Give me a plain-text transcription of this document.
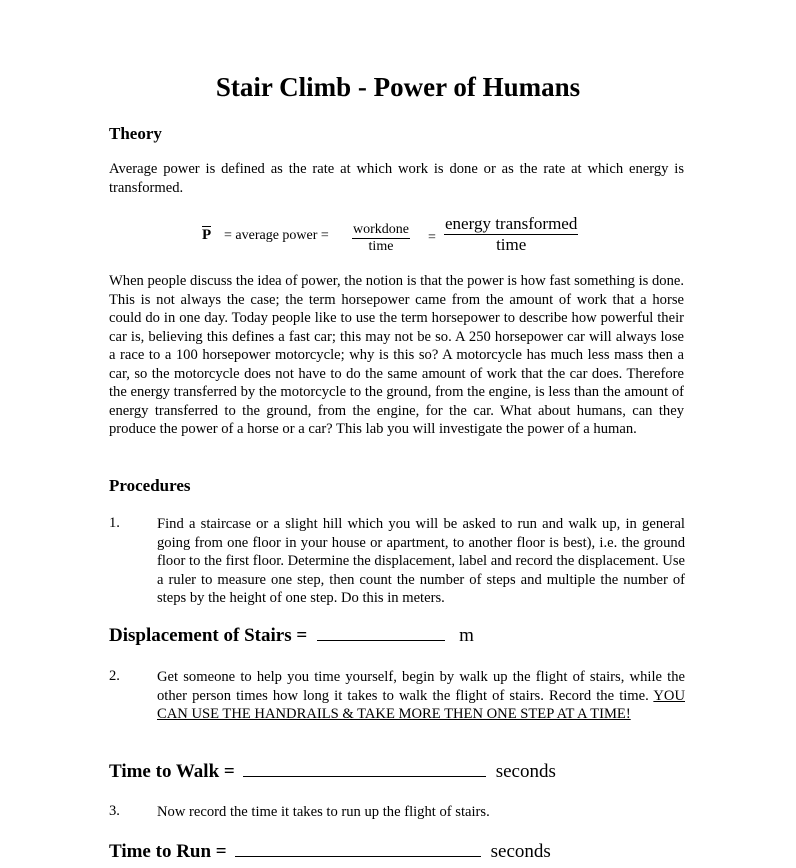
Stair Climb - Power of Humans
Theory
Average power is defined as the rate at which work is done or as the rate at which energy is transformed.
P = average power = workdone
time
=
energy transformed
time
When people discuss the idea of power, the notion is that the power is how fast something is done. This is not always the case; the term horsepower came from the amount of work that a horse could do in one day. Today people like to use the term horsepower to describe how powerful their car is, believing this defines a fast car; this may not be so. A 250 horsepower car will always lose a race to a 100 horsepower motorcycle; why is this so? A motorcycle has much less mass then a car, so the motorcycle does not have to do the same amount of work that the car does. Therefore the energy transferred by the motorcycle to the ground, from the engine, is less than the amount of energy transferred to the ground, from the engine, for the car. What about humans, can they produce the power of a horse or a car? This lab you will investigate the power of a human.
Procedures
1.	Find a staircase or a slight hill which you will be asked to run and walk up, in general going from one floor in your house or apartment, to another floor is best), i.e. the ground floor to the first floor. Determine the displacement, label and record the displacement. Use a ruler to measure one step, then count the number of steps and multiple the number of steps by the height of one step. Do this in meters.
Displacement of Stairs =	m
2.	Get someone to help you time yourself, begin by walk up the flight of stairs, while the other person times how long it takes to walk the flight of stairs. Record the time. YOU CAN USE THE HANDRAILS & TAKE MORE THEN ONE STEP AT A TIME!
Time to Walk =	seconds
3.	Now record the time it takes to run up the flight of stairs.
Time to Run =	seconds
